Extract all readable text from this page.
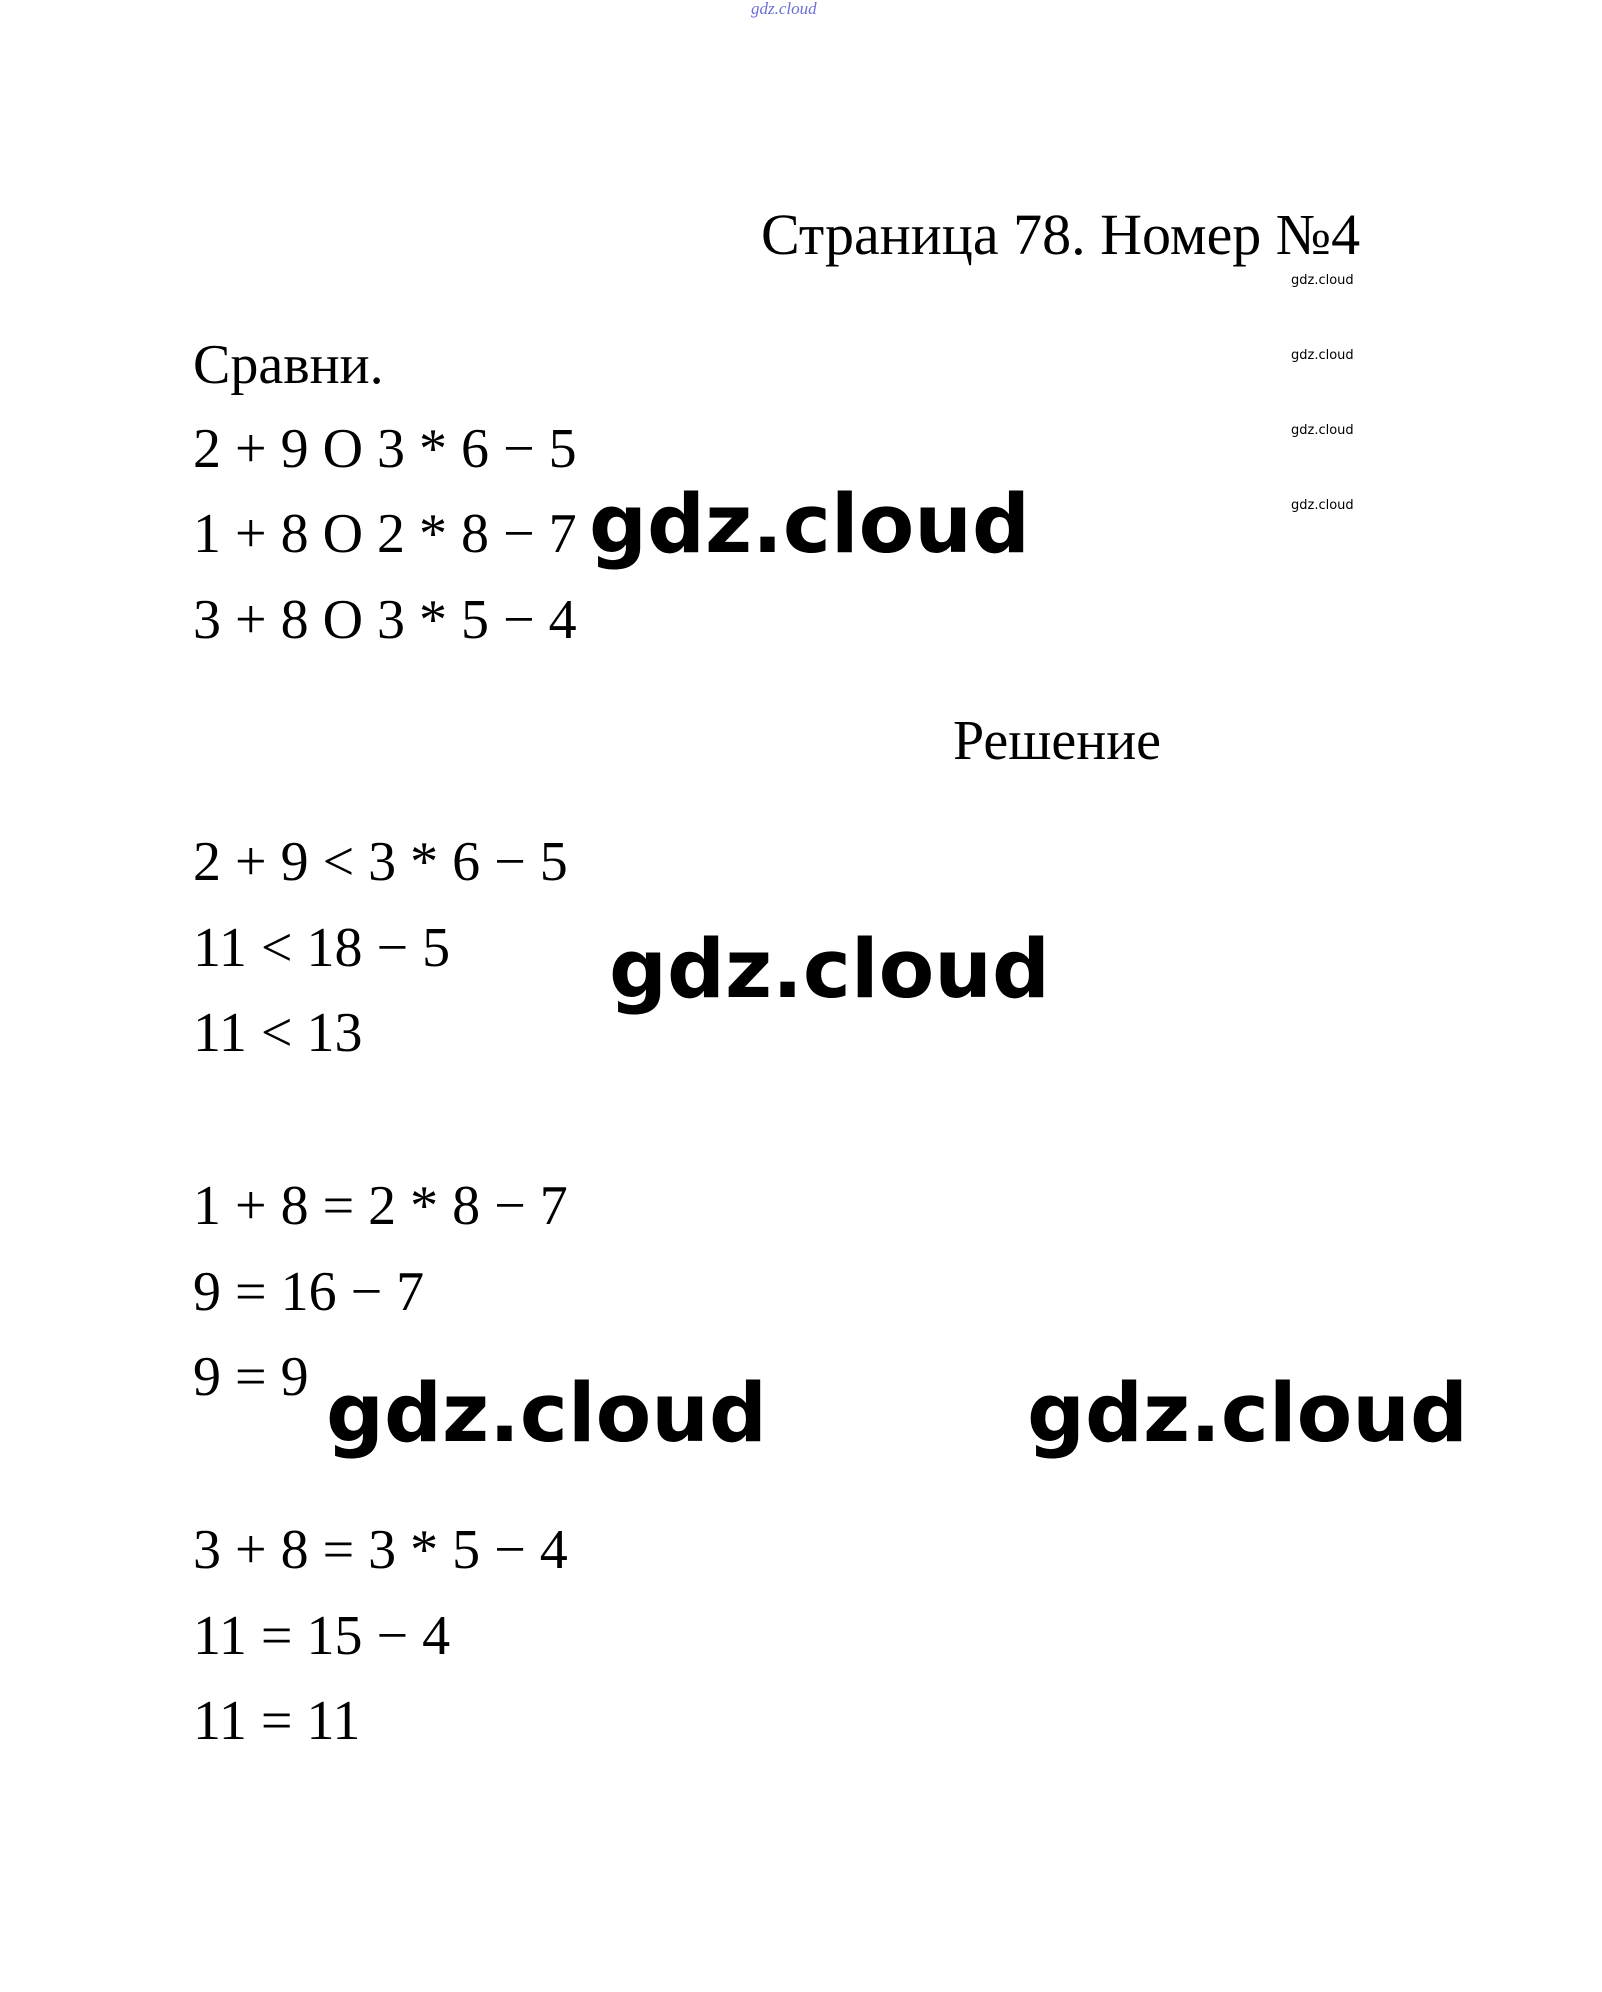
gdz.cloud
Страница 78. Номер №4
gdz.cloud
gdz.cloud
gdz.cloud
gdz.cloud
Сравни.
2 + 9 O 3 * 6 − 5
1 + 8 O 2 * 8 − 7
3 + 8 O 3 * 5 − 4
gdz.cloud
Решение
2 + 9 < 3 * 6 − 5
11 < 18 − 5
11 < 13
gdz.cloud
1 + 8 = 2 * 8 − 7
9 = 16 − 7
9 = 9 gdz.cloud	gdz.cloud
3 + 8 = 3 * 5 − 4
11 = 15 − 4
11 = 11
